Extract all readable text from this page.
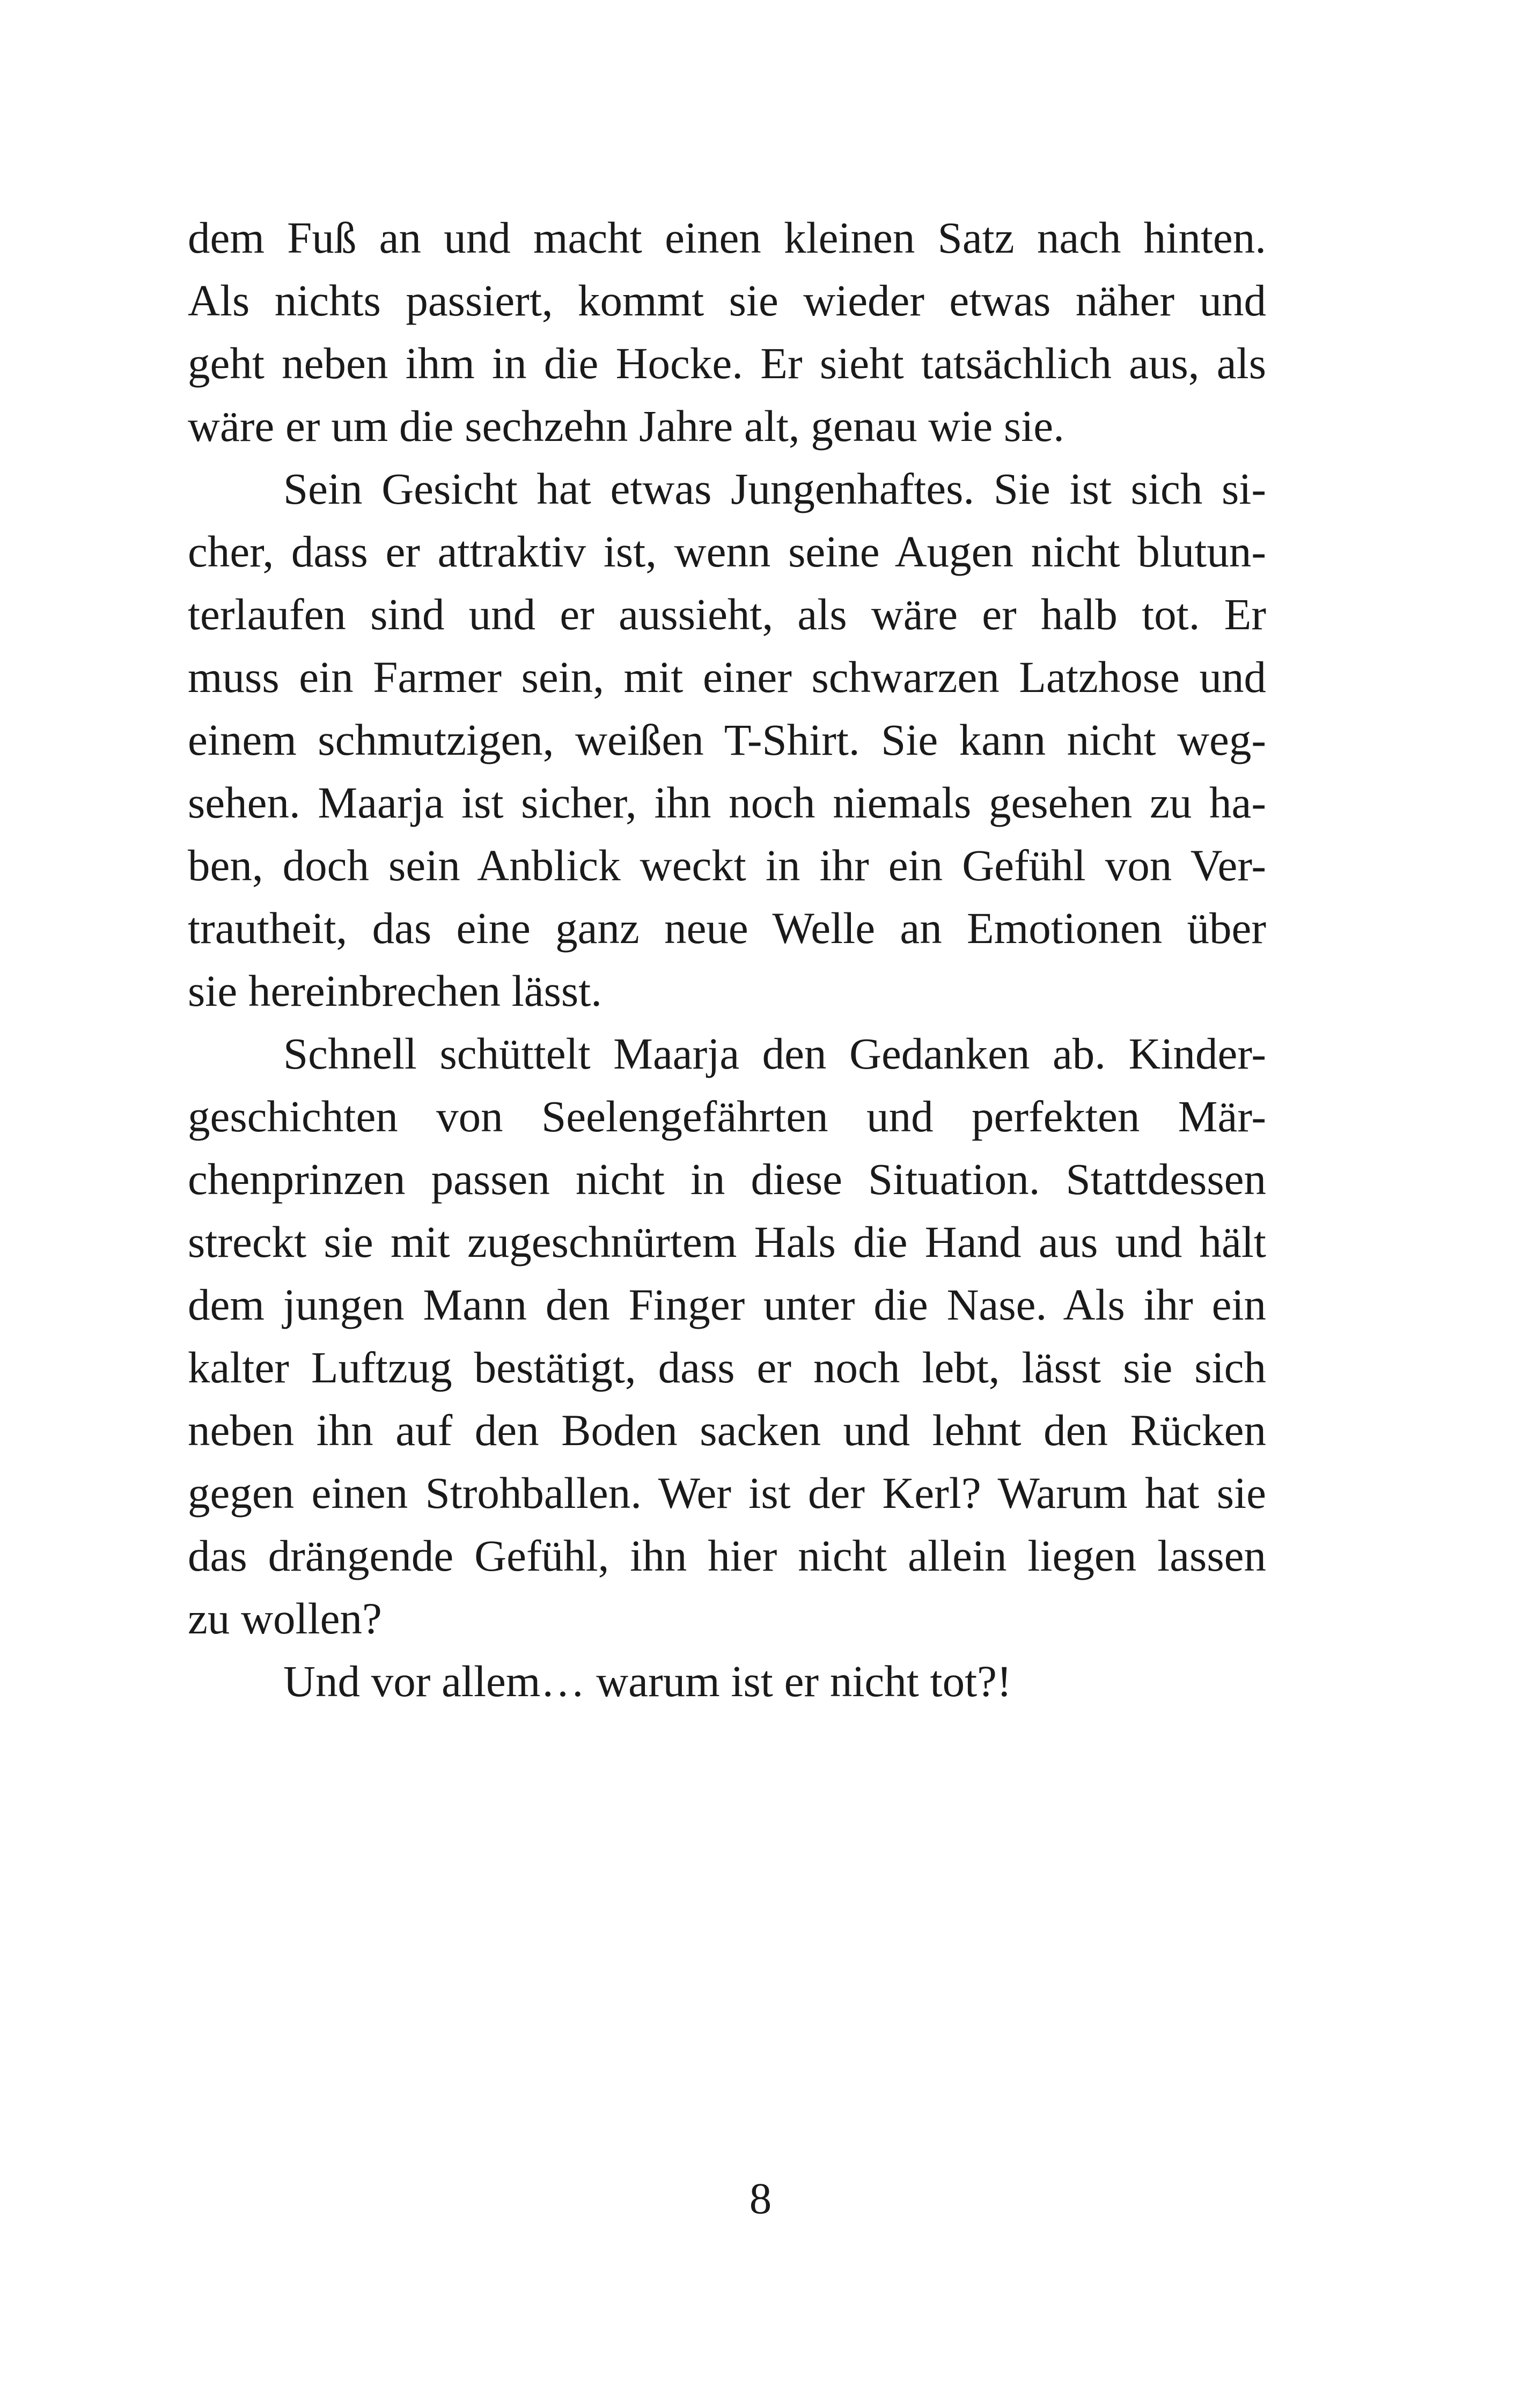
dem Fuß an und macht einen kleinen Satz nach hinten.
Als nichts passiert, kommt sie wieder etwas näher und
geht neben ihm in die Hocke. Er sieht tatsächlich aus, als
wäre er um die sechzehn Jahre alt, genau wie sie.
Sein Gesicht hat etwas Jungenhaftes. Sie ist sich si-
cher, dass er attraktiv ist, wenn seine Augen nicht blutun-
terlaufen sind und er aussieht, als wäre er halb tot. Er
muss ein Farmer sein, mit einer schwarzen Latzhose und
einem schmutzigen, weißen T-Shirt. Sie kann nicht weg-
sehen. Maarja ist sicher, ihn noch niemals gesehen zu ha-
ben, doch sein Anblick weckt in ihr ein Gefühl von Ver-
trautheit, das eine ganz neue Welle an Emotionen über
sie hereinbrechen lässt.
Schnell schüttelt Maarja den Gedanken ab. Kinder-
geschichten von Seelengefährten und perfekten Mär-
chenprinzen passen nicht in diese Situation. Stattdessen
streckt sie mit zugeschnürtem Hals die Hand aus und hält
dem jungen Mann den Finger unter die Nase. Als ihr ein
kalter Luftzug bestätigt, dass er noch lebt, lässt sie sich
neben ihn auf den Boden sacken und lehnt den Rücken
gegen einen Strohballen. Wer ist der Kerl? Warum hat sie
das drängende Gefühl, ihn hier nicht allein liegen lassen
zu wollen?
Und vor allem… warum ist er nicht tot?!
8
